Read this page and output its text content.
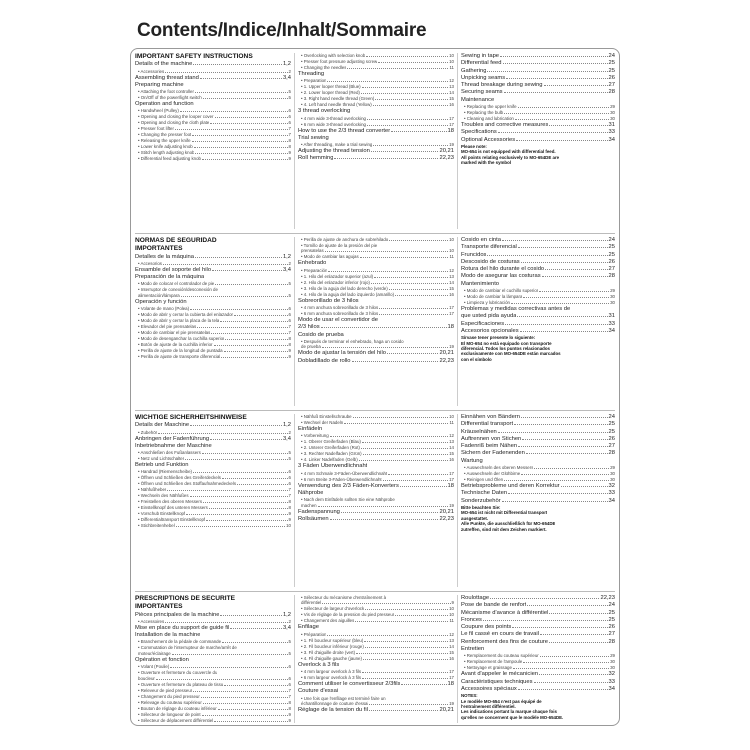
Contents/Indice/Inhalt/Sommaire
IMPORTANT SAFETY INSTRUCTIONS
Details of the machine	1,2
• Accessories	2
Assembling thread stand	3,4
Preparing machine
• Attaching the foot controller	5
• On/Off of the power/light switch	5
Operation and function
• Handwheel (Pulley)	6
• Opening and closing the looper cover	6
• Opening and closing the cloth plate	6
• Presser foot lifter	7
• Changing the presser foot	7
• Releasing the upper knife	8
• Lower knife adjusting knob	8
• Stitch length adjusting knob	9
• Differential feed adjusting knob	9
• Overlocking with selection knob	10
• Presser foot pressure adjusting screw	10
• Changing the needles	11
Threading
• Preparation	12
• 1. Upper looper thread (Blue)	13
• 2. Lower looper thread (Red)	14
• 3. Right hand needle thread (Green)	15
• 4. Left hand needle thread (Yellow)	16
3 thread overlocking
• 4 mm wide 3-thread overlocking	17
• 6 mm wide 3-thread overlocking	17
How to use the 2/3 thread converter	18
Trial sewing
• After threading, make a trial sewing	19
Adjusting the thread tension	20,21
Roll hemming	22,23
Sewing in tape	24
Differential feed	25
Gathering	25
Unpicking seams	26
Thread breakage during sewing	27
Securing seams	28
Maintenance
• Replacing the upper knife	29
• Replacing the bulb	30
• Cleaning and lubrication	30
Troubles and corrective measures	31
Specifications	33
Optional Accessories	34
Please note:
MO-654 is not equipped with differential feed.
All points relating exclusively to MO-654DE are
marked with the symbol
NORMAS DE SEGURIDAD
IMPORTANTES
Detalles de la máquina	1,2
• Accesorios	2
Ensamble del soporte del hilo	3,4
Preparación de la máquina
• Modo de colocar el controlador de pie	5
• Interruptor de conexión/desconexión de
alimentación/lámpara	5
Operación y función
• Volante de mano (Polea)	6
• Modo de abrir y cerrar la cubierta del enlazador	6
• Modo de abrir y cerrar la placa de la tela	6
• Elevador del pie prensatelas	7
• Modo de cambiar el pie prensatelas	7
• Modo de desenganchar la cuchilla superior	8
• Botón de ajuste de la cuchilla inferior	8
• Perilla de ajuste de la longitud de puntada	9
• Perilla de ajuste de transporte diferencial	9
• Perilla de ajuste de anchura de sobrehilado	10
• Tornillo de ajuste de la presión del pie
prensatelas	10
• Modo de cambiar las agujas	11
Enhebrado
• Preparación	12
• 1. Hilo del enlazador superior (azul)	13
• 2. Hilo del enlazador inferior (rojo)	14
• 3. Hilo de la aguja del lado derecho (verde)	15
• 4. Hilo de la aguja del lado izquierdo (amarillo)	16
Sobreorillado de 3 hilos
• 4 mm anchura sobreorillado de 3 hilos	17
• 6 mm anchura sobreorillado de 3 hilos	17
Modo de usar el convertidor de
2/3 hilos	18
Cosido de prueba
• Después de terminar el enhebrado, haga un cosido
de prueba	19
Modo de ajustar la tensión del hilo	20,21
Dobladillado de rollo	22,23
Cosido en cinta	24
Transporte diferencial	25
Fruncidos	25
Descosido de costuras	26
Rotura del hilo durante el cosido	27
Modo de asegurar las costuras	28
Mantenimiento
• Modo de cambiar el cuchillo superior	29
• Modo de cambiar la lámpara	30
• Limpieza y lubricación	30
Problemas y medidas correctivas antes de
que usted pida ayuda	31
Especificaciones	33
Accesorios opcionales	34
Sírvase tener presente lo siguiente:
El MO-654 no está equipado con transporte
diferencial. Todos los puntos relacionados
exclusivamente con MO-654DE están marcados
con el símbolo
WICHTIGE SICHERHEITSHINWEISE
Details der Maschine	1,2
• Zubehör	2
Anbringen der Fadenführung	3,4
Inbetriebnahme der Maschine
• Anschließen des Fußanlassers	5
• Netz und Lichtschalter	5
Betrieb und Funktion
• Handrad (Riemenscheibe)	6
• Öffnen und Schließen des Greiferdeckels	6
• Öffnen und Schließen des Stoffaufnahmedeckels	6
• Nähfußheber	7
• Wechseln des Nähfußes	7
• Freistellen des oberen Messers	8
• Einstellknopf des unteren Messers	8
• Vorschub Einstellknopf	9
• Differentialtransport Einstellknopf	9
• Stichbreitenhebel	10
• Nähfuß Einstellschraube	10
• Wechsel der Nadeln	11
Einfädeln
• Vorbereitung	12
• 1. Oberer Greiferfaden (Blau)	13
• 2. Unterer Greiferfaden (Rot)	14
• 3. Rechter Nadelfaden (Grün)	15
• 4. Linker Nadelfaden (Gelb)	16
3 Fäden Überwendlichnaht
• 4 mm Schmale 3-Fäden-Überwendlichnaht	17
• 6 mm Breite 3-Fäden-Überwendlichnaht	17
Verwendung des 2/3 Fäden-Konverters	18
Nähprobe
• Nach dem Einfädeln sollten Sie eine Nähprobe
machen	19
Fadenspannung	20,21
Rollsäumen	22,23
Einnähen von Bändern	24
Differential transport	25
Kräuselnähen	25
Auftrennen von Stichen	26
Fadenriß beim Nähen	27
Sichern der Fadenenden	28
Wartung
• Auswechseln des oberen Messers	29
• Auswechseln der Glühbirne	30
• Reinigen und Ölen	30
Betriebsprobleme und deren Korrektur	32
Technische Daten	33
Sonderzubehör	34
Bitte beachten Sie:
MO-654 ist nicht mit Differential transport
ausgestattet.
Alle Punkte, die ausschließlich für MO-654DE
zutreffen, sind mit dem Zeichen markiert.
PRESCRIPTIONS DE SECURITE
IMPORTANTES
Pièces principales de la machine	1,2
• Accessoires	2
Mise en place du support de guide fil	3,4
Installation de la machine
• Branchement de la pédale de commande	5
• Commutation de l'interrupteur de marche/arrêt de
moteur/éclairage	5
Opération et fonction
• Volant (Poulie)	6
• Ouverture et fermeture du couvercle du
boucleur	6
• Ouverture et fermeture du plateau de tissu	6
• Releveur de pied presseur	7
• Changement du pied presseur	7
• Relevage du couteau supérieur	8
• Bouton de réglage du couteau inférieur	8
• Sélecteur de longueur de point	9
• Sélecteur de déplacement différentiel	9
• Sélecteur du mécanisme d'entraînement à
différentiel	9
• Sélecteur de largeur d'overlock	10
• Vis de réglage de la pression du pied presseur	10
• Changement des aiguilles	11
Enfilage
• Préparation	12
• 1. Fil boucleur supérieur (bleu)	13
• 2. Fil boucleur inférieur (rouge)	14
• 3. Fil d'aiguille droite (vert)	15
• 4. Fil d'aiguille gauche (jaune)	16
Overlock à 3 fils
• 4 mm largeur overlock à 3 fils	17
• 6 mm largeur overlock à 3 fils	17
Comment utiliser le convertisseur 2/3fils	18
Couture d'essai
• Une fois que l'enfilage est terminé faire un
échantillonnage de couture d'essai	19
Réglage de la tension du fil	20,21
Roulottage	22,23
Pose de bande de renfort	24
Mécanisme d'avance à différentiel	25
Fronces	25
Coupure des points	26
Le fil cassé en cours de travail	27
Renforcement des fins de couture	28
Entretien
• Remplacement du couteau supérieur	29
• Remplacement de l'ampoule	30
• Nettoyage et graissage	30
Avant d'appeler le mécanicien	32
Caractéristiques techniques	33
Accessoires spéciaux	34
NOTES:
Le modèle MO-654 n'est pas équipé de
l'entraînement différentiel.
Les indications portant la marque chaque fois
qu'elles ne concernent que le modèle MO-654DE.
